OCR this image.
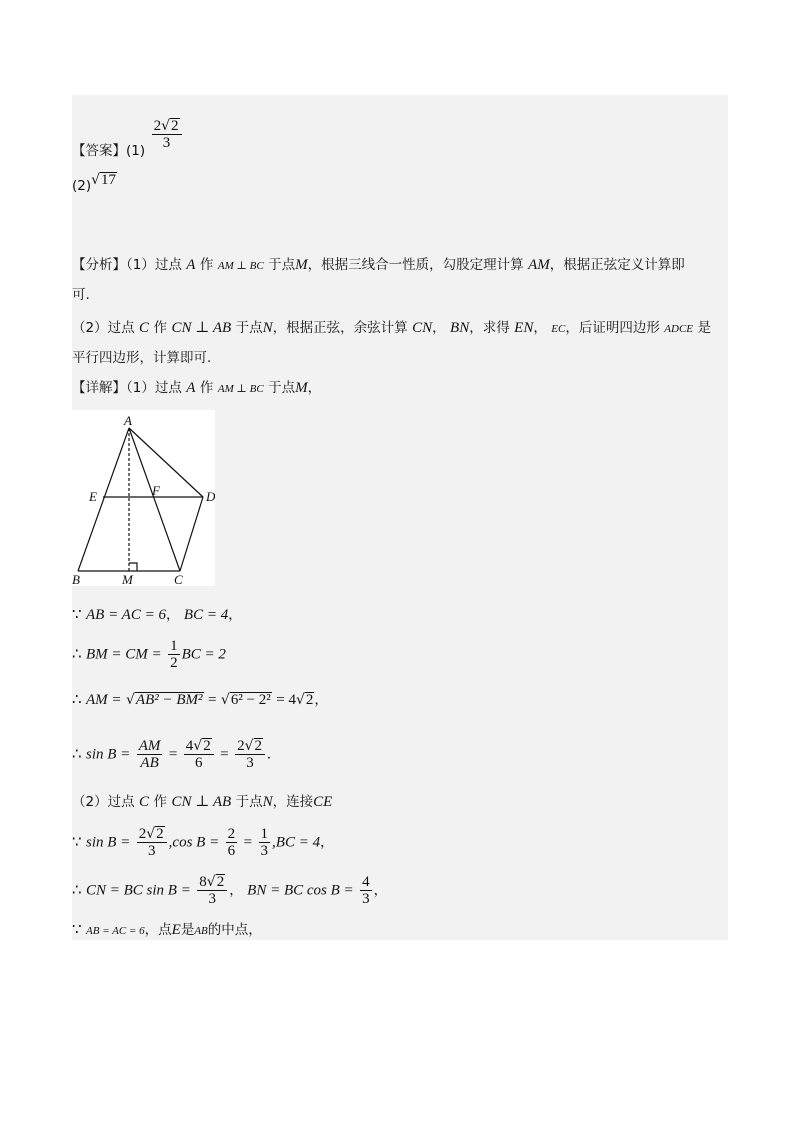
【答案】$(1) \frac{2√2}{3}$
(2)√17
【分析】（1）过点 A 作 AM ⊥ BC 于点M，根据三线合一性质，勾股定理计算 AM，根据正弦定义计算即
可.
（2）过点 C 作 CN ⊥ AB 于点N，根据正弦，余弦计算 CN， BN，求得 EN， EC，后证明四边形 ADCE 是
平行四边形，计算即可.
【详解】（1）过点 A 作 AM ⊥ BC 于点M，
A
B	C
D
E	F
M
∵ AB = AC = 6， BC = 4，
∴ BM = CM = $\frac{1}{2}$ BC = 2
∴ AM = √AB² − BM² = √6² − 2² = 4√2，
∴ $\sin B = \frac{AM}{AB} = \frac{4√2}{6} = \frac{2√2}{3}$ .
（2）过点 C 作 CN ⊥ AB 于点N，连接CE
∵ $\sin B = \frac{2√2}{3} ,\cos$ $B = \frac{2}{6} = \frac{1}{3} ,BC = 4$，
∴ CN = BC $\sin B = \frac{8√2}{3}$ ， BN = BC $\cos B = \frac{4}{3}$ ，
∵ AB = AC = 6，点E是AB的中点，
